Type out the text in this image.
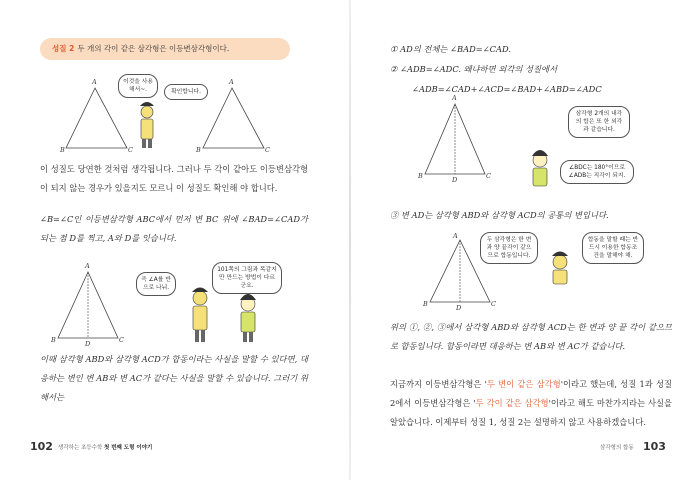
성질 2 두 개의 각이 같은 삼각형은 이등변삼각형이다.
A
B	C
A
B	C
이것을 사용해서~.	확인합니다.
이 성질도 당연한 것처럼 생각됩니다. 그러나 두 각이 같아도 이등변삼각형이 되지 않는 경우가 있을지도 모르니 이 성질도 확인해 야 합니다.
∠B=∠C인 이등변삼각형 ABC에서 먼저 변 BC 위에 ∠BAD=∠CAD가 되는 점 D를 찍고, A와 D를 잇습니다.
A
B	C
D
즉 ∠A를 반으로 나눠.
101쪽의 그림과 똑같지만 만드는 방법이 다르군요.
이때 삼각형 ABD와 삼각형 ACD가 합동이라는 사실을 말할 수 있다면, 대응하는 변인 변 AB와 변 AC가 같다는 사실을 말할 수 있습니다. 그러기 위해서는
102 생각하는 초등수학 첫 번째 도형 이야기
① AD의 전체는 ∠BAD=∠CAD.
② ∠ADB=∠ADC. 왜냐하면 외각의 성질에서
∠ADB=∠CAD+∠ACD=∠BAD+∠ABD=∠ADC
A
B	C
D
삼각형 2개의 내각의 합은 또 한 외각과 같습니다.
∠BDC는 180°이므로 ∠ADB는 직각이 되지.
③ 변 AD는 삼각형 ABD와 삼각형 ACD의 공통의 변입니다.
A
B	C
D
두 삼각형은 한 변과 양 끝각이 같으므로 합동입니다.
합동을 말할 때는 반드시 이용한 합동조건을 말해야 해.
위의 ①, ②, ③에서 삼각형 ABD와 삼각형 ACD는 한 변과 양 끝 각이 같으므로 합동입니다. 합동이라면 대응하는 변 AB와 변 AC가 같습니다.
지금까지 이등변삼각형은 '두 변이 같은 삼각형'이라고 했는데, 성질 1과 성질 2에서 이등변삼각형은 '두 각이 같은 삼각형'이라고 해도 마찬가지라는 사실을 알았습니다. 이제부터 성질 1, 성질 2는 설명하지 않고 사용하겠습니다.
삼각형의 합동 103
